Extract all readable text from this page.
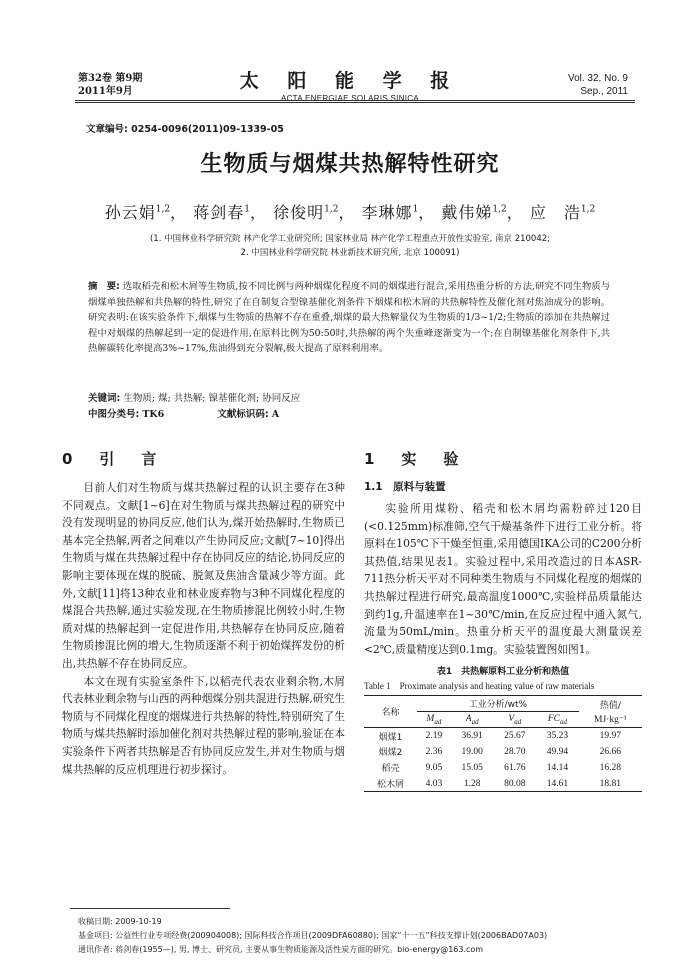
第32卷 第9期
2011年9月	太 阳 能 学 报
ACTA ENERGIAE SOLARIS SINICA
Vol. 32, No. 9
Sep., 2011
文章编号: 0254-0096(2011)09-1339-05
生物质与烟煤共热解特性研究
孙云娟$^{1,2}$， 蒋剑春$^1$， 徐俊明$^{1,2}$， 李琳娜$^1$， 戴伟娣$^{1,2}$， 应　浩$^{1,2}$
(1. 中国林业科学研究院 林产化学工业研究所; 国家林业局 林产化学工程重点开放性实验室, 南京 210042;
2. 中国林业科学研究院 林业新技术研究所, 北京 100091)
摘　要: 选取稻壳和松木屑等生物质,按不同比例与两种烟煤化程度不同的烟煤进行混合,采用热重分析的方法,研究不同生物质与烟煤单独热解和共热解的特性,研究了在自制复合型镍基催化剂条件下烟煤和松木屑的共热解特性及催化剂对焦油成分的影响。研究表明:在该实验条件下,烟煤与生物质的热解不存在重叠,烟煤的最大热解量仅为生物质的1/3~1/2;生物质的添加在共热解过程中对烟煤的热解起到一定的促进作用,在原料比例为50:50时,共热解的两个失重峰逐渐变为一个;在自制镍基催化剂条件下,共热解碳转化率提高3%~17%,焦油得到充分裂解,极大提高了原料利用率。
关键词: 生物质; 煤; 共热解; 镍基催化剂; 协同反应
中图分类号: TK6	文献标识码: A
0　引　言

目前人们对生物质与煤共热解过程的认识主要存在3种不同观点。文献[1~6]在对生物质与煤共热解过程的研究中没有发现明显的协同反应,他们认为,煤开始热解时,生物质已基本完全热解,两者之间难以产生协同反应;文献[7~10]得出生物质与煤在共热解过程中存在协同反应的结论,协同反应的影响主要体现在煤的脱硫、脱氮及焦油含量减少等方面。此外,文献[11]将13种农业和林业废弃物与3种不同煤化程度的煤混合共热解,通过实验发现,在生物质掺混比例较小时,生物质对煤的热解起到一定促进作用,共热解存在协同反应,随着生物质掺混比例的增大,生物质逐渐不利于初始煤挥发份的析出,共热解不存在协同反应。

本文在现有实验室条件下,以稻壳代表农业剩余物,木屑代表林业剩余物与山西的两种烟煤分别共混进行热解,研究生物质与不同煤化程度的烟煤进行共热解的特性,特别研究了生物质与煤共热解时添加催化剂对共热解过程的影响,验证在本实验条件下两者共热解是否有协同反应发生,并对生物质与烟煤共热解的反应机理进行初步探讨。

1　实　验
1.1　原料与装置

实验所用煤粉、稻壳和松木屑均需粉碎过120目(<0.125mm)标准筛,空气干燥基条件下进行工业分析。将原料在105℃下干燥至恒重,采用德国IKA公司的C200分析其热值,结果见表1。实验过程中,采用改造过的日本ASR-711热分析天平对不同种类生物质与不同煤化程度的烟煤的共热解过程进行研究,最高温度1000℃,实验样品质量能达到约1g,升温速率在1~30℃/min,在反应过程中通入氮气,流量为50mL/min。热重分析天平的温度最大测量误差<2℃,质量精度达到0.1mg。实验装置图如图1。

表1　共热解原料工业分析和热值
Table 1　Proximate analysis and heating value of raw materials
名称	工业分析/wt%				热值/
	$M_{ad}$	$A_{ad}$	$V_{ad}$	$FC_{ad}$	MJ·kg⁻¹
烟煤1	2.19	36.91	25.67	35.23	19.97
烟煤2	2.36	19.00	28.70	49.94	26.66
稻壳	9.05	15.05	61.76	14.14	16.28
松木屑	4.03	1.28	80.08	14.61	18.81
收稿日期: 2009-10-19
基金项目: 公益性行业专项经费(200904008); 国际科技合作项目(2009DFA60880); 国家“十一五”科技支撑计划(2006BAD07A03)
通讯作者: 蒋剑春(1955—), 男, 博士、研究员, 主要从事生物质能源及活性炭方面的研究。bio-energy@163.com
